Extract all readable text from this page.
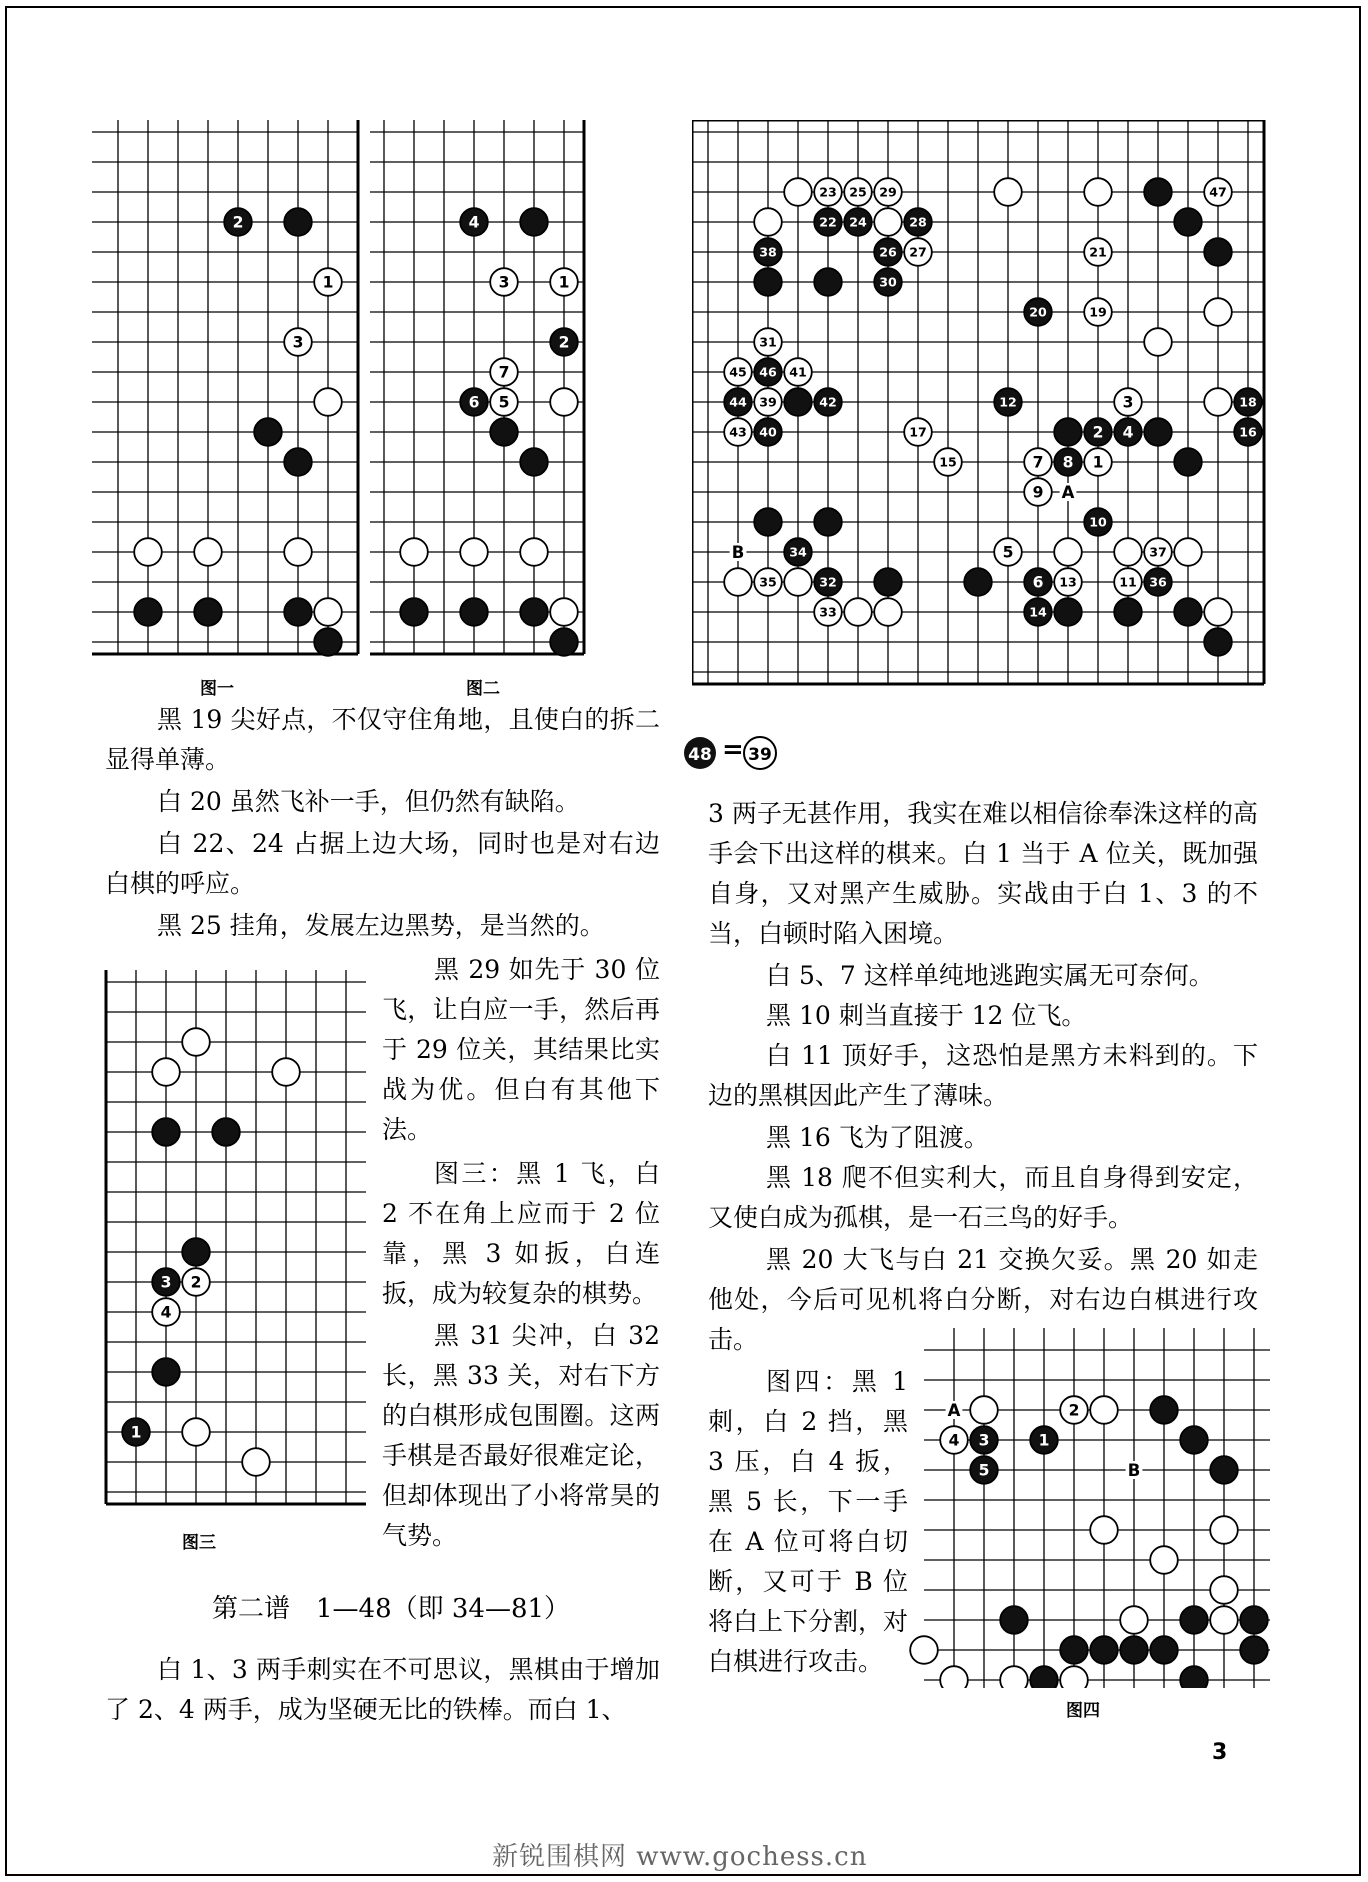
2
1
3
图一
4
3	1
2
7
6 5
图二
23 25 29	47
22 24	28
38	26 27	21
30
20	19
31
45 46 41
44 39	42	12	3	18
43 40	17	2 4	16
15	7 8 1
9
10
34	5	37
35	32	6 13	11 36
33	14
A
B
48 = 39

黑 19 尖好点，不仅守住角地，且使白的拆二显得单薄。

白 20 虽然飞补一手，但仍然有缺陷。

白 22、24 占据上边大场，同时也是对右边白棋的呼应。

黑 25 挂角，发展左边黑势，是当然的。

3 2
4
1
图三

黑 29 如先于 30 位飞，让白应一手，然后再于 29 位关，其结果比实战为优。但白有其他下法。

图三：黑 1 飞，白 2 不在角上应而于 2 位靠，黑 3 如扳，白连扳，成为较复杂的棋势。

黑 31 尖冲，白 32 长，黑 33 关，对右下方的白棋形成包围圈。这两手棋是否最好很难定论，但却体现出了小将常昊的气势。

第二谱　1—48（即 34—81）

白 1、3 两手刺实在不可思议，黑棋由于增加了 2、4 两手，成为坚硬无比的铁棒。而白 1、

3 两子无甚作用，我实在难以相信徐奉洙这样的高手会下出这样的棋来。白 1 当于 A 位关，既加强自身，又对黑产生威胁。实战由于白 1、3 的不当，白顿时陷入困境。

白 5、7 这样单纯地逃跑实属无可奈何。

黑 10 刺当直接于 12 位飞。

白 11 顶好手，这恐怕是黑方未料到的。下边的黑棋因此产生了薄味。

黑 16 飞为了阻渡。

黑 18 爬不但实利大，而且自身得到安定，又使白成为孤棋，是一石三鸟的好手。

黑 20 大飞与白 21 交换欠妥。黑 20 如走他处，今后可见机将白分断，对右边白棋进行攻击。

2
4 3	1
5
A
B
图四

图四：黑 1 刺，白 2 挡，黑 3 压，白 4 扳，黑 5 长，下一手在 A 位可将白切断，又可于 B 位将白上下分割，对白棋进行攻击。

3
新锐围棋网 www.gochess.cn
